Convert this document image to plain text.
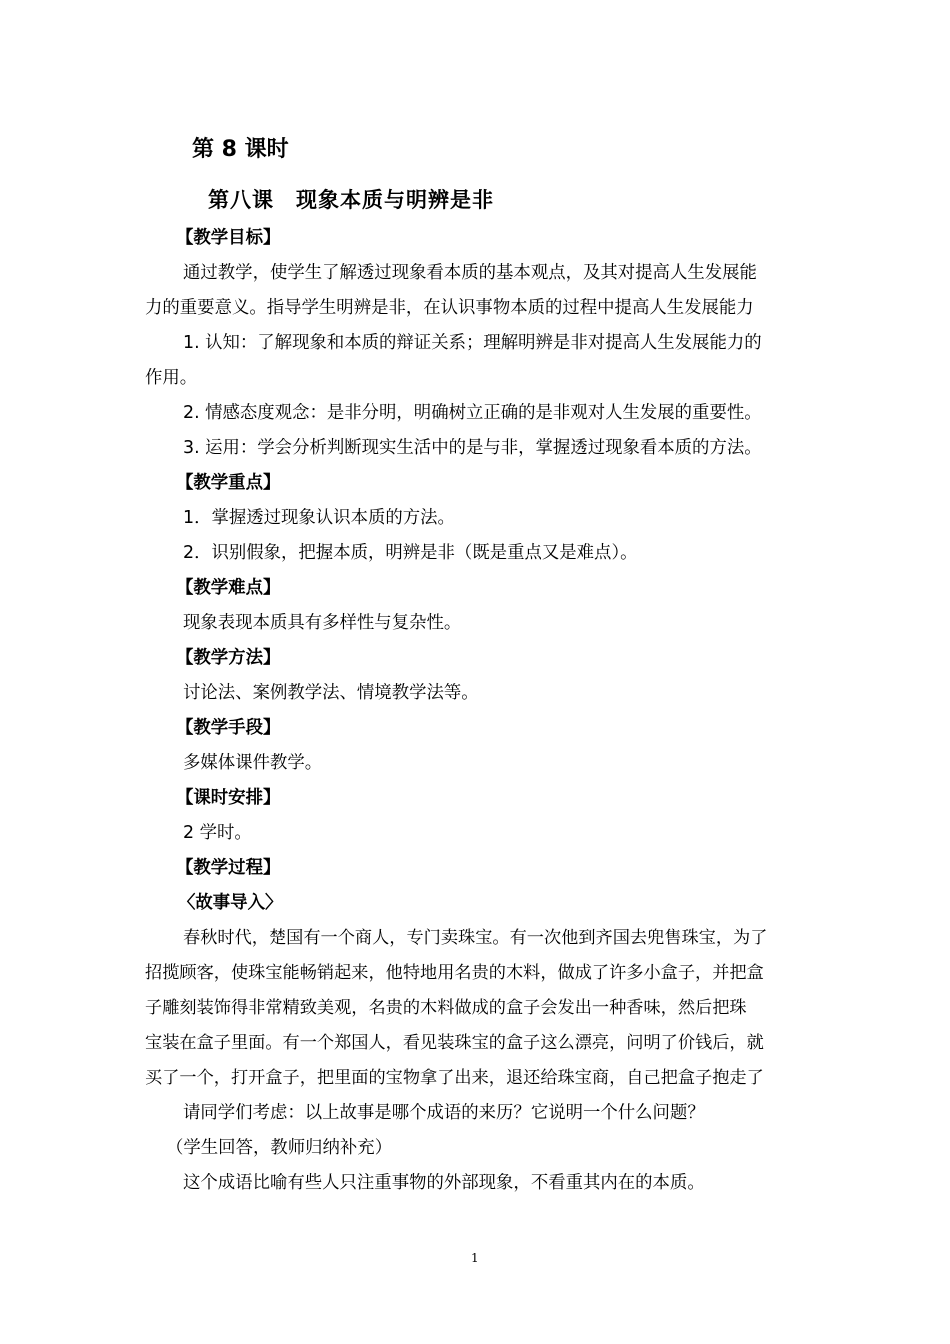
第 8 课时
第八课　现象本质与明辨是非
【教学目标】
通过教学，使学生了解透过现象看本质的基本观点，及其对提高人生发展能
力的重要意义。指导学生明辨是非，在认识事物本质的过程中提高人生发展能力
1. 认知：了解现象和本质的辩证关系；理解明辨是非对提高人生发展能力的
作用。
2. 情感态度观念：是非分明，明确树立正确的是非观对人生发展的重要性。
3. 运用：学会分析判断现实生活中的是与非，掌握透过现象看本质的方法。
【教学重点】
1．掌握透过现象认识本质的方法。
2．识别假象，把握本质，明辨是非（既是重点又是难点）。
【教学难点】
现象表现本质具有多样性与复杂性。
【教学方法】
讨论法、案例教学法、情境教学法等。
【教学手段】
多媒体课件教学。
【课时安排】
2 学时。
【教学过程】
〈故事导入〉
春秋时代，楚国有一个商人，专门卖珠宝。有一次他到齐国去兜售珠宝，为了
招揽顾客，使珠宝能畅销起来，他特地用名贵的木料，做成了许多小盒子，并把盒
子雕刻装饰得非常精致美观，名贵的木料做成的盒子会发出一种香味，然后把珠
宝装在盒子里面。有一个郑国人，看见装珠宝的盒子这么漂亮，问明了价钱后，就
买了一个，打开盒子，把里面的宝物拿了出来，退还给珠宝商，自己把盒子抱走了
请同学们考虑：以上故事是哪个成语的来历？它说明一个什么问题？
（学生回答，教师归纳补充）
这个成语比喻有些人只注重事物的外部现象，不看重其内在的本质。
1
